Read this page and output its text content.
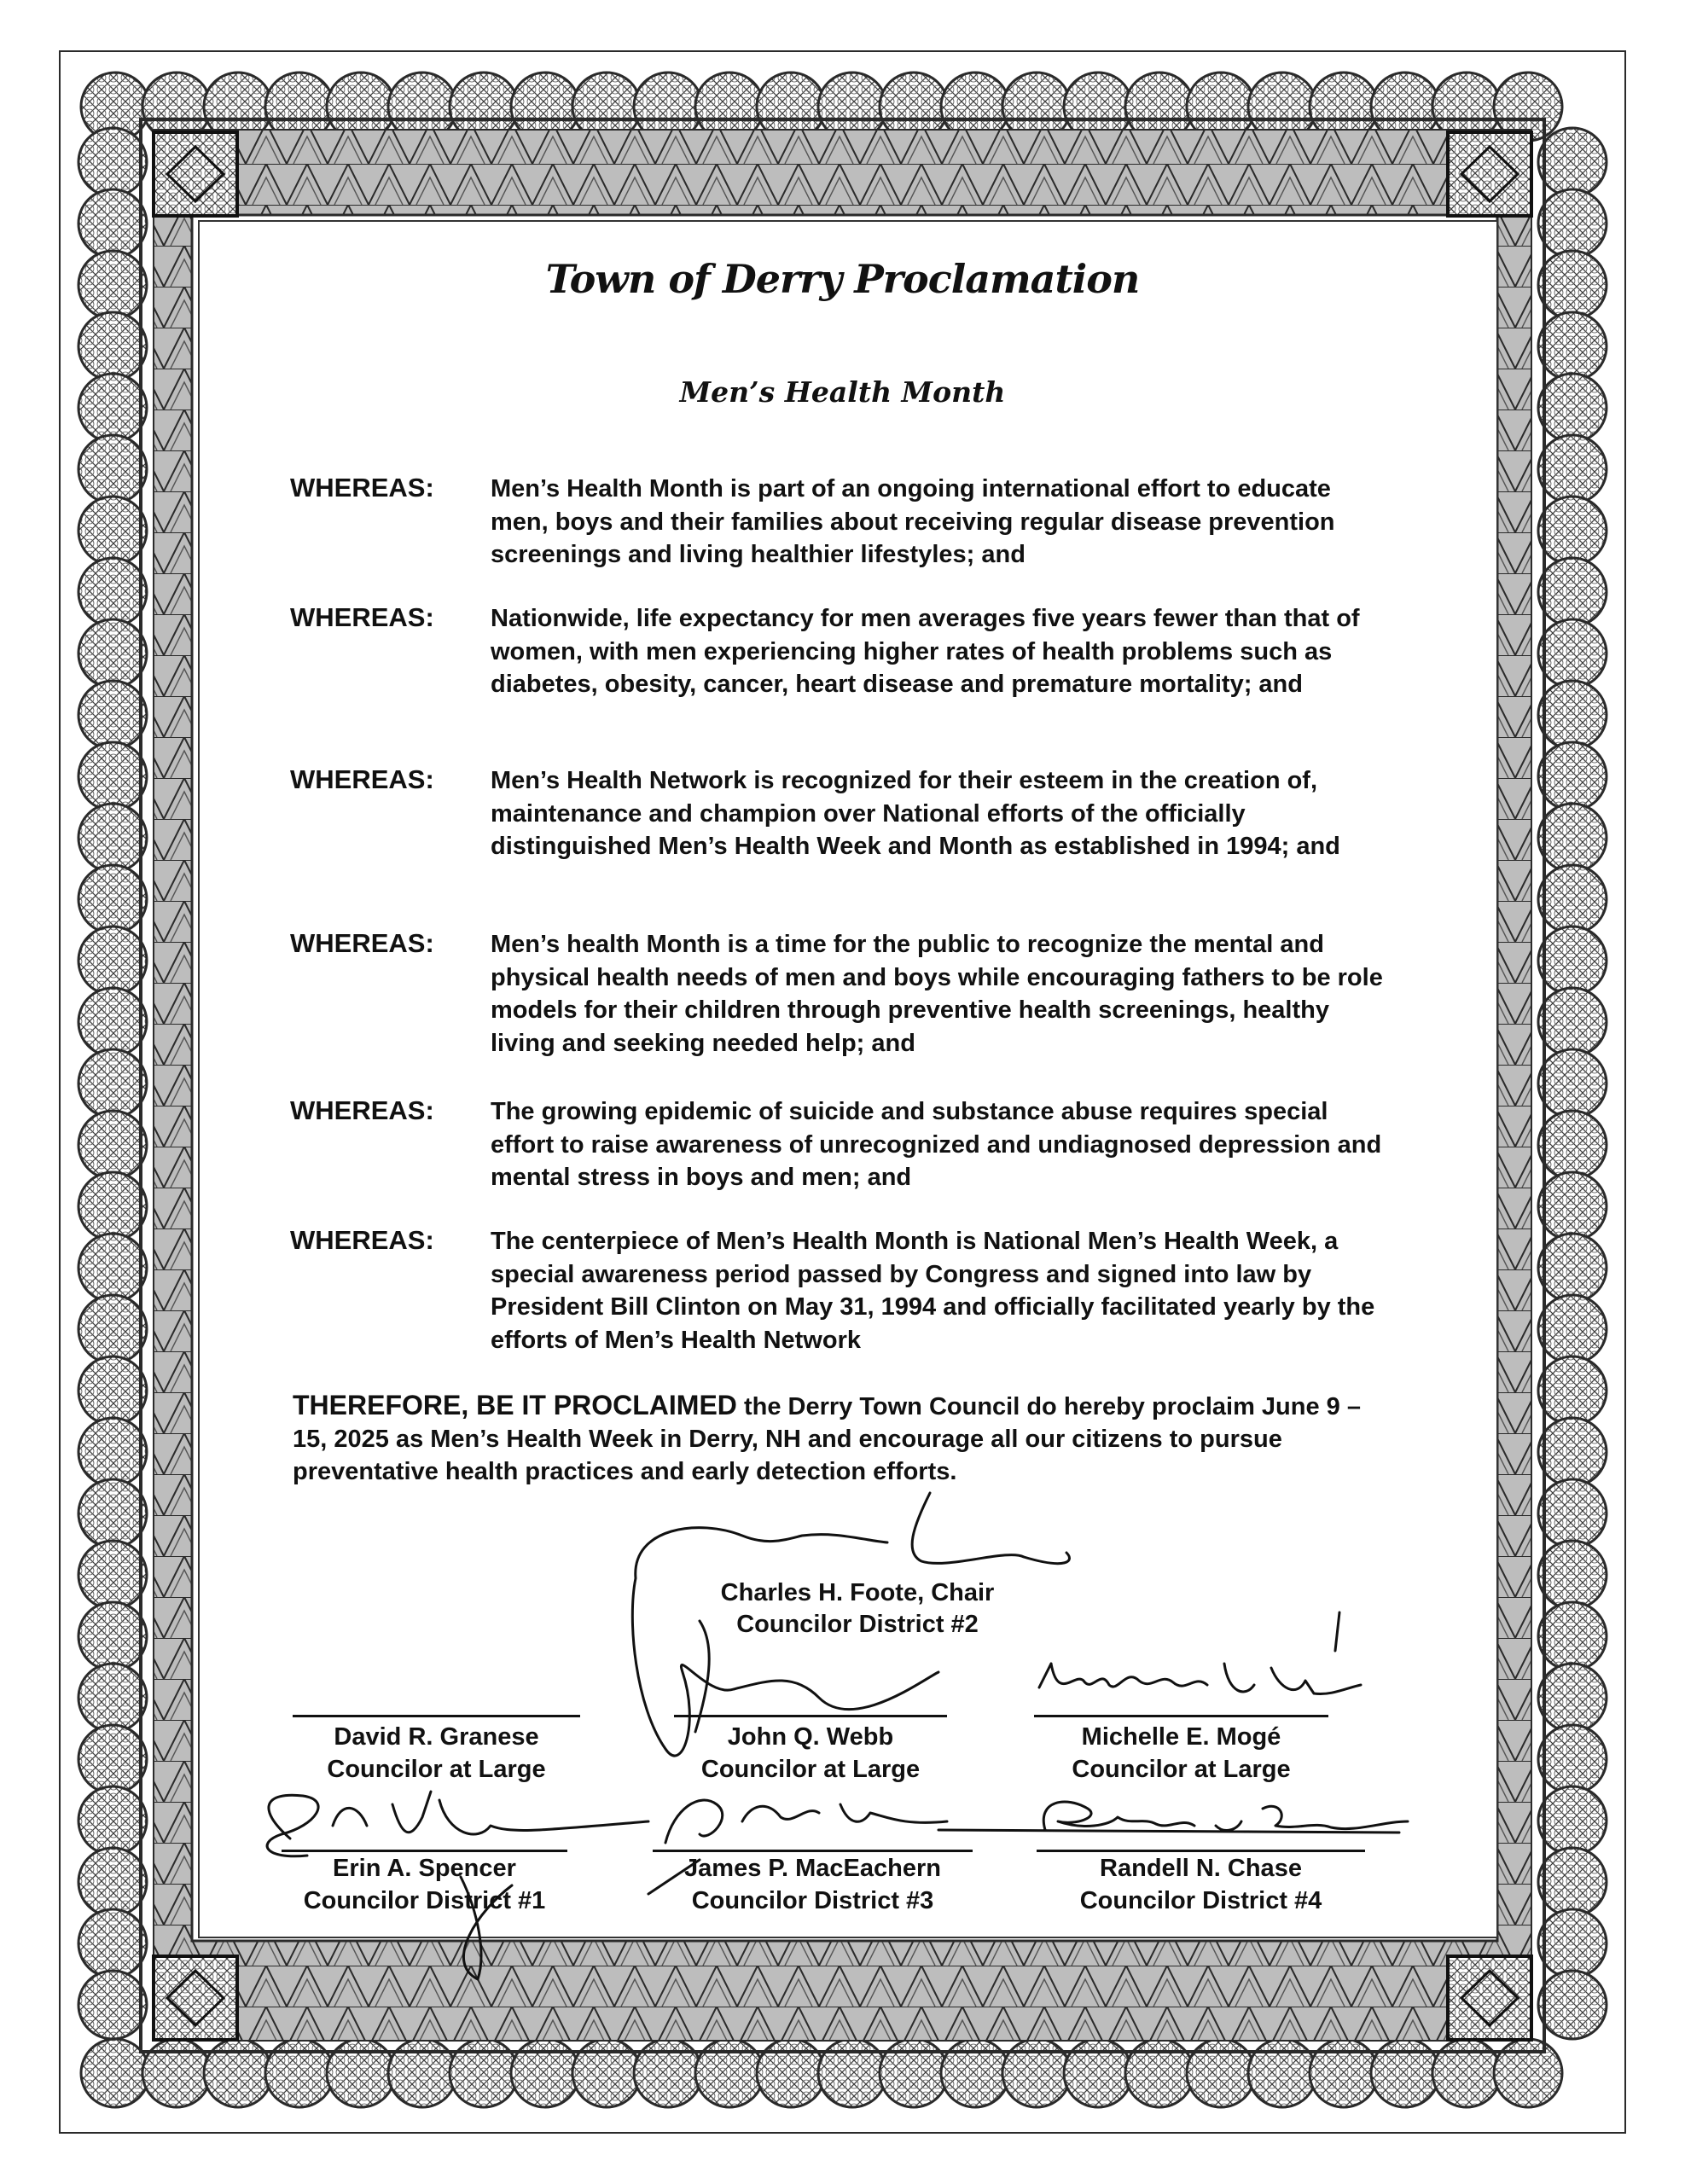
Town of Derry Proclamation
Men’s Health Month
WHEREAS: Men’s Health Month is part of an ongoing international effort to educate men, boys and their families about receiving regular disease prevention screenings and living healthier lifestyles; and
WHEREAS: Nationwide, life expectancy for men averages five years fewer than that of women, with men experiencing higher rates of health problems such as diabetes, obesity, cancer, heart disease and premature mortality; and
WHEREAS: Men’s Health Network is recognized for their esteem in the creation of, maintenance and champion over National efforts of the officially distinguished Men’s Health Week and Month as established in 1994; and
WHEREAS: Men’s health Month is a time for the public to recognize the mental and physical health needs of men and boys while encouraging fathers to be role models for their children through preventive health screenings, healthy living and seeking needed help; and
WHEREAS: The growing epidemic of suicide and substance abuse requires special effort to raise awareness of unrecognized and undiagnosed depression and mental stress in boys and men; and
WHEREAS: The centerpiece of Men’s Health Month is National Men’s Health Week, a special awareness period passed by Congress and signed into law by President Bill Clinton on May 31, 1994 and officially facilitated yearly by the efforts of Men’s Health Network
THEREFORE, BE IT PROCLAIMED the Derry Town Council do hereby proclaim June 9 – 15, 2025 as Men’s Health Week in Derry, NH and encourage all our citizens to pursue preventative health practices and early detection efforts.
Charles H. Foote, Chair
Councilor District #2
David R. Granese
Councilor at Large
John Q. Webb
Councilor at Large
Michelle E. Mogé
Councilor at Large
Erin A. Spencer
Councilor District #1
James P. MacEachern
Councilor District #3
Randell N. Chase
Councilor District #4
